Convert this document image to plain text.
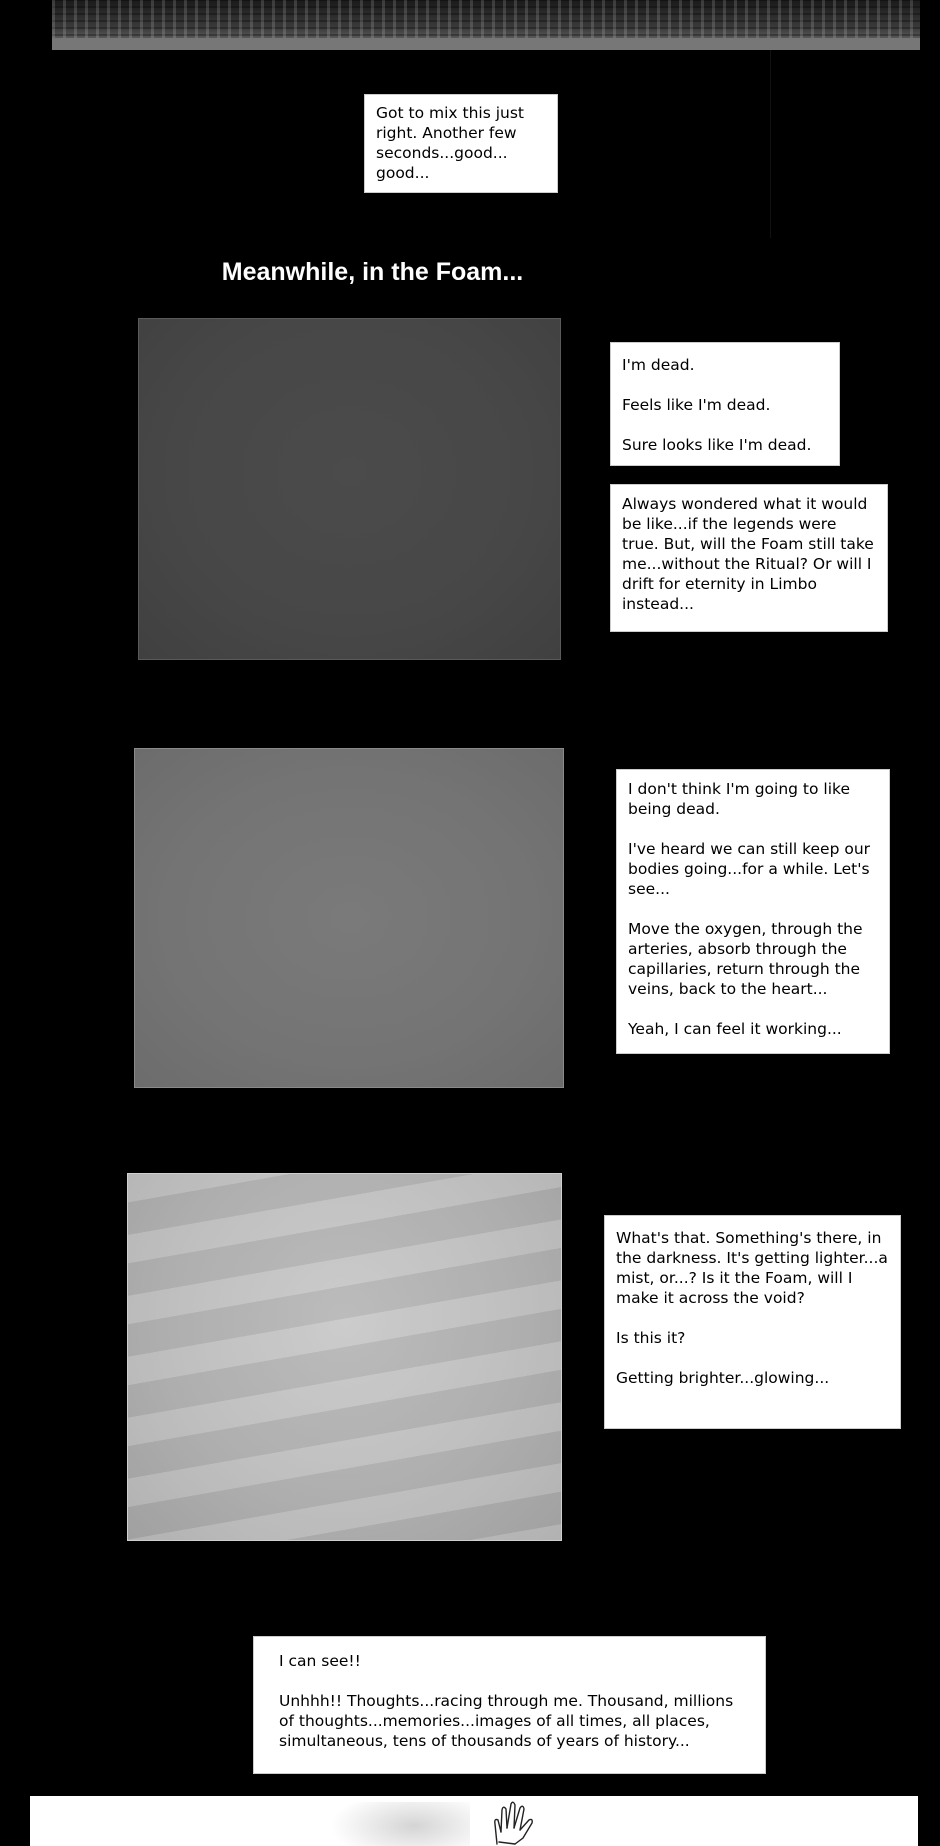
Got to mix this just right. Another few seconds...good... good...

Meanwhile, in the Foam...

I'm dead.

Feels like I'm dead.

Sure looks like I'm dead.

Always wondered what it would be like...if the legends were true. But, will the Foam still take me...without the Ritual? Or will I drift for eternity in Limbo instead...

I don't think I'm going to like being dead.

I've heard we can still keep our bodies going...for a while. Let's see...

Move the oxygen, through the arteries, absorb through the capillaries, return through the veins, back to the heart...

Yeah, I can feel it working...

What's that. Something's there, in the darkness. It's getting lighter...a mist, or...? Is it the Foam, will I make it across the void?

Is this it?

Getting brighter...glowing...

I can see!!

Unhhh!! Thoughts...racing through me. Thousand, millions of thoughts...memories...images of all times, all places, simultaneous, tens of thousands of years of history...
